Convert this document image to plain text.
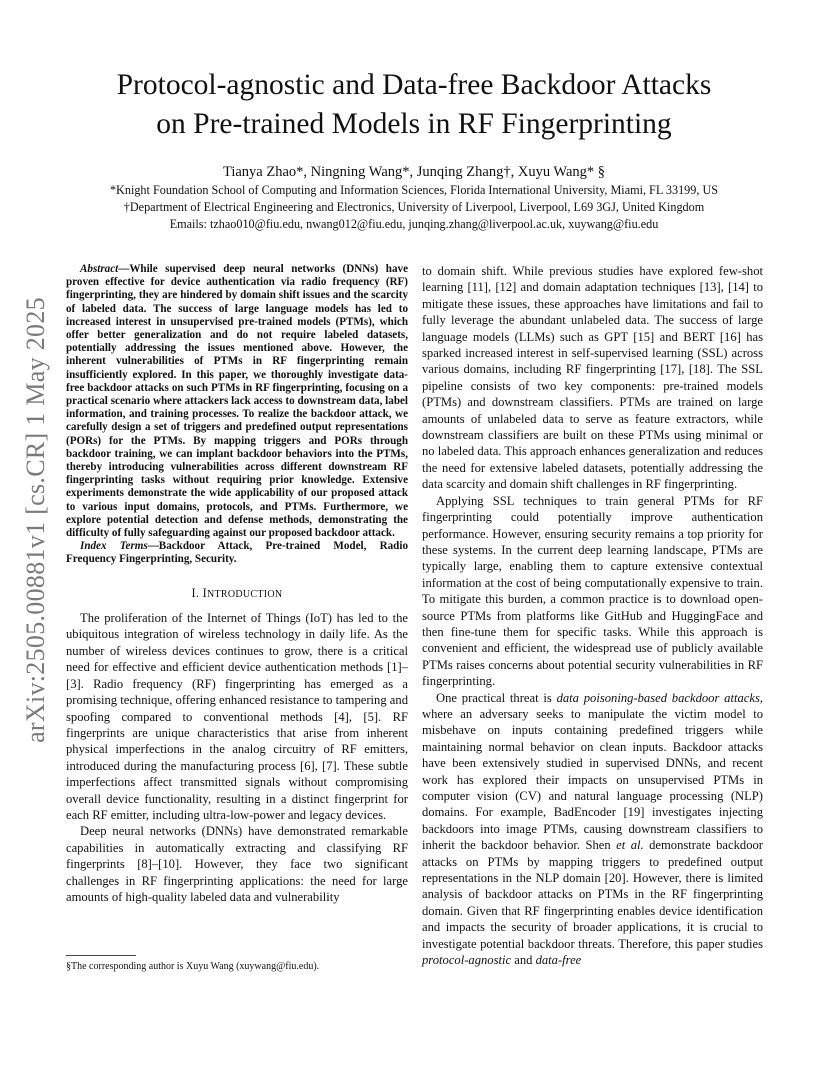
arXiv:2505.00881v1 [cs.CR] 1 May 2025
Protocol-agnostic and Data-free Backdoor Attacks
on Pre-trained Models in RF Fingerprinting
Tianya Zhao*, Ningning Wang*, Junqing Zhang†, Xuyu Wang* §
*Knight Foundation School of Computing and Information Sciences, Florida International University, Miami, FL 33199, US
†Department of Electrical Engineering and Electronics, University of Liverpool, Liverpool, L69 3GJ, United Kingdom
Emails: tzhao010@fiu.edu, nwang012@fiu.edu, junqing.zhang@liverpool.ac.uk, xuywang@fiu.edu

Abstract—While supervised deep neural networks (DNNs) have proven effective for device authentication via radio frequency (RF) fingerprinting, they are hindered by domain shift issues and the scarcity of labeled data. The success of large language models has led to increased interest in unsupervised pre-trained models (PTMs), which offer better generalization and do not require labeled datasets, potentially addressing the issues mentioned above. However, the inherent vulnerabilities of PTMs in RF fingerprinting remain insufficiently explored. In this paper, we thoroughly investigate data-free backdoor attacks on such PTMs in RF fingerprinting, focusing on a practical scenario where attackers lack access to downstream data, label information, and training processes. To realize the backdoor attack, we carefully design a set of triggers and predefined output representations (PORs) for the PTMs. By mapping triggers and PORs through backdoor training, we can implant backdoor behaviors into the PTMs, thereby introducing vulnerabilities across different downstream RF fingerprinting tasks without requiring prior knowledge. Extensive experiments demonstrate the wide applicability of our proposed attack to various input domains, protocols, and PTMs. Furthermore, we explore potential detection and defense methods, demonstrating the difficulty of fully safeguarding against our proposed backdoor attack.

Index Terms—Backdoor Attack, Pre-trained Model, Radio Frequency Fingerprinting, Security.

I. INTRODUCTION

The proliferation of the Internet of Things (IoT) has led to the ubiquitous integration of wireless technology in daily life. As the number of wireless devices continues to grow, there is a critical need for effective and efficient device authentication methods [1]–[3]. Radio frequency (RF) fingerprinting has emerged as a promising technique, offering enhanced resistance to tampering and spoofing compared to conventional methods [4], [5]. RF fingerprints are unique characteristics that arise from inherent physical imperfections in the analog circuitry of RF emitters, introduced during the manufacturing process [6], [7]. These subtle imperfections affect transmitted signals without compromising overall device functionality, resulting in a distinct fingerprint for each RF emitter, including ultra-low-power and legacy devices.

Deep neural networks (DNNs) have demonstrated remarkable capabilities in automatically extracting and classifying RF fingerprints [8]–[10]. However, they face two significant challenges in RF fingerprinting applications: the need for large amounts of high-quality labeled data and vulnerability

§The corresponding author is Xuyu Wang (xuywang@fiu.edu).

to domain shift. While previous studies have explored few-shot learning [11], [12] and domain adaptation techniques [13], [14] to mitigate these issues, these approaches have limitations and fail to fully leverage the abundant unlabeled data. The success of large language models (LLMs) such as GPT [15] and BERT [16] has sparked increased interest in self-supervised learning (SSL) across various domains, including RF fingerprinting [17], [18]. The SSL pipeline consists of two key components: pre-trained models (PTMs) and downstream classifiers. PTMs are trained on large amounts of unlabeled data to serve as feature extractors, while downstream classifiers are built on these PTMs using minimal or no labeled data. This approach enhances generalization and reduces the need for extensive labeled datasets, potentially addressing the data scarcity and domain shift challenges in RF fingerprinting.

Applying SSL techniques to train general PTMs for RF fingerprinting could potentially improve authentication performance. However, ensuring security remains a top priority for these systems. In the current deep learning landscape, PTMs are typically large, enabling them to capture extensive contextual information at the cost of being computationally expensive to train. To mitigate this burden, a common practice is to download open-source PTMs from platforms like GitHub and HuggingFace and then fine-tune them for specific tasks. While this approach is convenient and efficient, the widespread use of publicly available PTMs raises concerns about potential security vulnerabilities in RF fingerprinting.

One practical threat is data poisoning-based backdoor attacks, where an adversary seeks to manipulate the victim model to misbehave on inputs containing predefined triggers while maintaining normal behavior on clean inputs. Backdoor attacks have been extensively studied in supervised DNNs, and recent work has explored their impacts on unsupervised PTMs in computer vision (CV) and natural language processing (NLP) domains. For example, BadEncoder [19] investigates injecting backdoors into image PTMs, causing downstream classifiers to inherit the backdoor behavior. Shen et al. demonstrate backdoor attacks on PTMs by mapping triggers to predefined output representations in the NLP domain [20]. However, there is limited analysis of backdoor attacks on PTMs in the RF fingerprinting domain. Given that RF fingerprinting enables device identification and impacts the security of broader applications, it is crucial to investigate potential backdoor threats. Therefore, this paper studies protocol-agnostic and data-free
